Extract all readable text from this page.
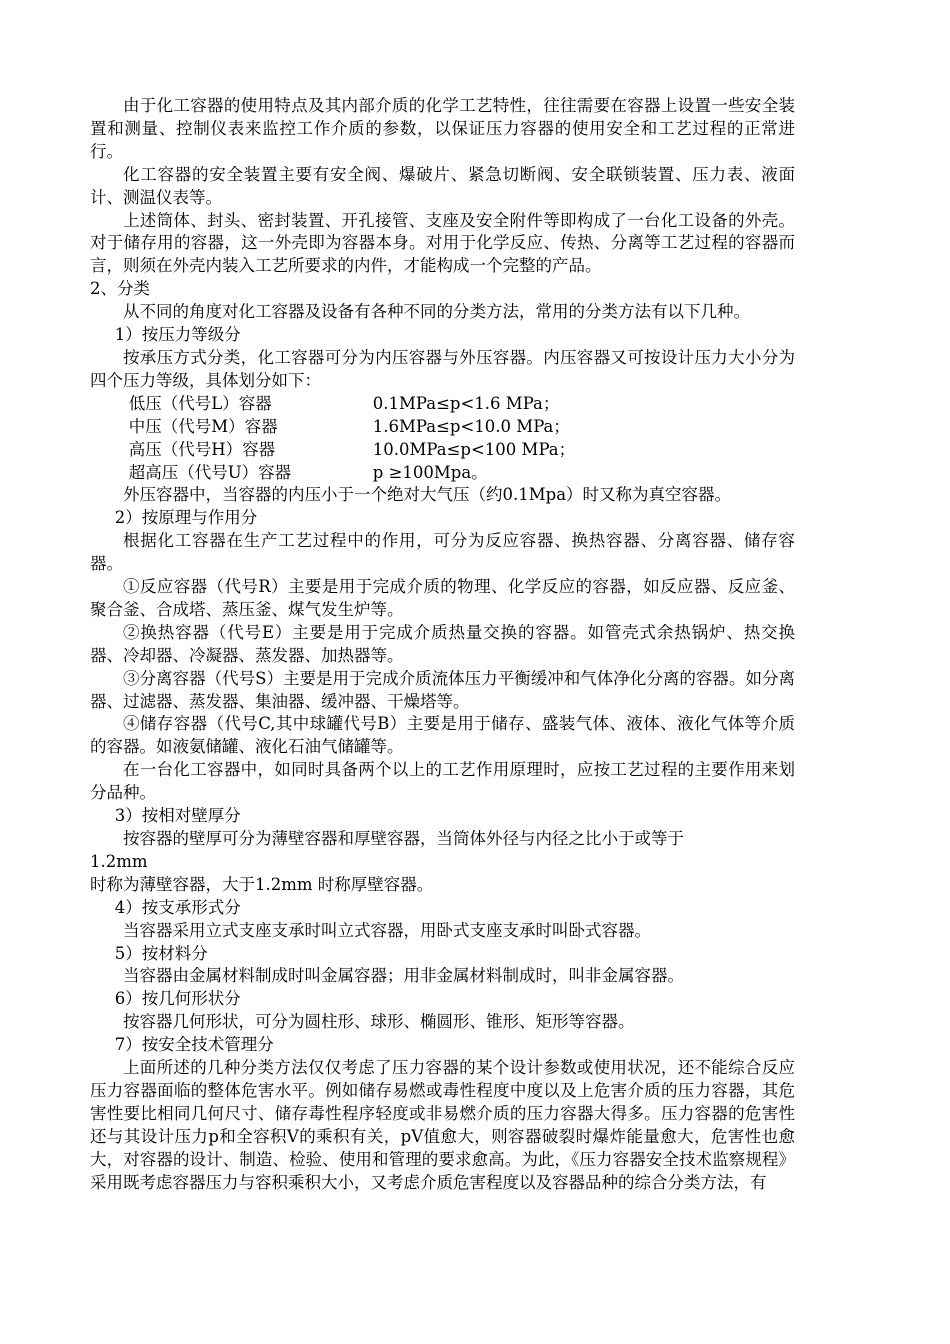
由于化工容器的使用特点及其内部介质的化学工艺特性，往往需要在容器上设置一些安全装置和测量、控制仪表来监控工作介质的参数，以保证压力容器的使用安全和工艺过程的正常进行。

化工容器的安全装置主要有安全阀、爆破片、紧急切断阀、安全联锁装置、压力表、液面计、测温仪表等。

上述筒体、封头、密封装置、开孔接管、支座及安全附件等即构成了一台化工设备的外壳。对于储存用的容器，这一外壳即为容器本身。对用于化学反应、传热、分离等工艺过程的容器而言，则须在外壳内装入工艺所要求的内件，才能构成一个完整的产品。

2、分类

从不同的角度对化工容器及设备有各种不同的分类方法，常用的分类方法有以下几种。

1）按压力等级分

按承压方式分类，化工容器可分为内压容器与外压容器。内压容器又可按设计压力大小分为四个压力等级，具体划分如下：

低压（代号L）容器	0.1MPa≤p<1.6 MPa；
中压（代号M）容器	1.6MPa≤p<10.0 MPa；
高压（代号H）容器	10.0MPa≤p<100 MPa；
超高压（代号U）容器	p ≥100Mpa。

外压容器中，当容器的内压小于一个绝对大气压（约0.1Mpa）时又称为真空容器。

2）按原理与作用分

根据化工容器在生产工艺过程中的作用，可分为反应容器、换热容器、分离容器、储存容器。

①反应容器（代号R）主要是用于完成介质的物理、化学反应的容器，如反应器、反应釜、聚合釜、合成塔、蒸压釜、煤气发生炉等。

②换热容器（代号E）主要是用于完成介质热量交换的容器。如管壳式余热锅炉、热交换器、冷却器、冷凝器、蒸发器、加热器等。

③分离容器（代号S）主要是用于完成介质流体压力平衡缓冲和气体净化分离的容器。如分离器、过滤器、蒸发器、集油器、缓冲器、干燥塔等。

④储存容器（代号C,其中球罐代号B）主要是用于储存、盛装气体、液体、液化气体等介质的容器。如液氨储罐、液化石油气储罐等。

在一台化工容器中，如同时具备两个以上的工艺作用原理时，应按工艺过程的主要作用来划分品种。

3）按相对壁厚分

按容器的壁厚可分为薄壁容器和厚壁容器，当筒体外径与内径之比小于或等于

1.2mm

时称为薄壁容器，大于1.2mm 时称厚壁容器。

4）按支承形式分

当容器采用立式支座支承时叫立式容器，用卧式支座支承时叫卧式容器。

5）按材料分

当容器由金属材料制成时叫金属容器；用非金属材料制成时，叫非金属容器。

6）按几何形状分

按容器几何形状，可分为圆柱形、球形、椭圆形、锥形、矩形等容器。

7）按安全技术管理分

上面所述的几种分类方法仅仅考虑了压力容器的某个设计参数或使用状况，还不能综合反应压力容器面临的整体危害水平。例如储存易燃或毒性程度中度以及上危害介质的压力容器，其危害性要比相同几何尺寸、储存毒性程序轻度或非易燃介质的压力容器大得多。压力容器的危害性还与其设计压力p和全容积V的乘积有关，pV值愈大，则容器破裂时爆炸能量愈大，危害性也愈大，对容器的设计、制造、检验、使用和管理的要求愈高。为此，《压力容器安全技术监察规程》采用既考虑容器压力与容积乘积大小，又考虑介质危害程度以及容器品种的综合分类方法，有
